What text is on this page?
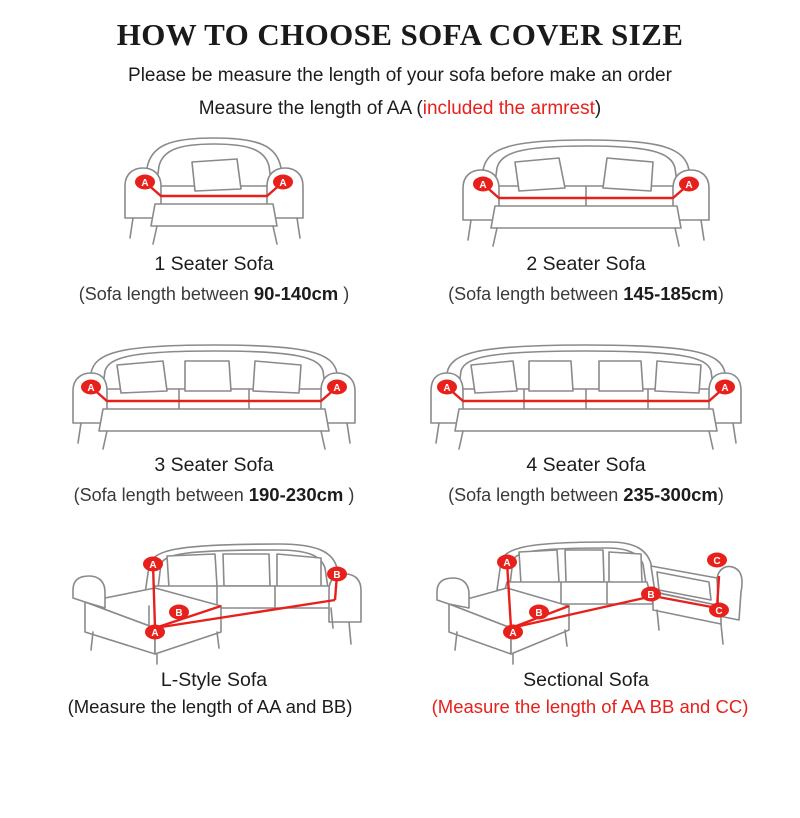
HOW TO CHOOSE SOFA COVER SIZE
Please be measure the length of your sofa before make an order
Measure the length of AA (included the armrest)
A	A
1 Seater Sofa
(Sofa length between 90-140cm )
A	A
2 Seater Sofa
(Sofa length between 145-185cm)
A	A
3 Seater Sofa
(Sofa length between 190-230cm )
A	A
4 Seater Sofa
(Sofa length between 235-300cm)
A
A
B
B
L-Style Sofa
A
A
B
B
C
C
Sectional Sofa
(Measure the length of AA and BB)	(Measure the length of AA BB and CC)
